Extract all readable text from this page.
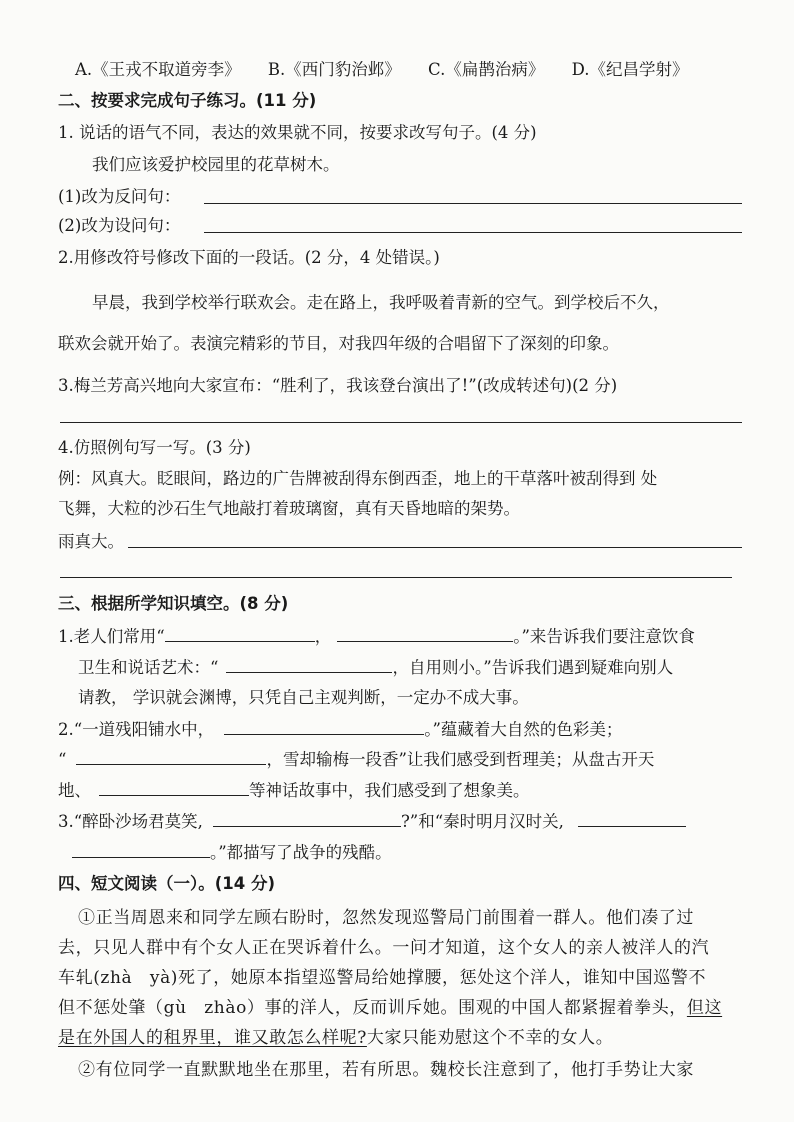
A.《王戎不取道旁李》 B.《西门豹治邺》 C.《扁鹊治病》 D.《纪昌学射》
二、按要求完成句子练习。(11 分)
1. 说话的语气不同，表达的效果就不同，按要求改写句子。(4 分)
我们应该爱护校园里的花草树木。
(1)改为反问句：
(2)改为设问句：
2.用修改符号修改下面的一段话。(2 分，4 处错误。)
早晨，我到学校举行联欢会。走在路上，我呼吸着青新的空气。到学校后不久，
联欢会就开始了。表演完精彩的节目，对我四年级的合唱留下了深刻的印象。
3.梅兰芳高兴地向大家宣布：“胜利了，我该登台演出了!”(改成转述句)(2 分)
4.仿照例句写一写。(3 分)
例：风真大。眨眼间，路边的广告牌被刮得东倒西歪，地上的干草落叶被刮得到 处
飞舞，大粒的沙石生气地敲打着玻璃窗，真有天昏地暗的架势。
雨真大。
三、根据所学知识填空。(8 分)
1.老人们常用“	，	。”来告诉我们要注意饮食
卫生和说话艺术：“	，自用则小。”告诉我们遇到疑难向别人
请教， 学识就会渊博，只凭自己主观判断，一定办不成大事。
2.“一道残阳铺水中，	。”蕴藏着大自然的色彩美；
“	，雪却输梅一段香”让我们感受到哲理美；从盘古开天
地、	等神话故事中，我们感受到了想象美。
3.“醉卧沙场君莫笑,	?”和“秦时明月汉时关,
。”都描写了战争的残酷。
四、短文阅读（一）。(14 分)
①正当周恩来和同学左顾右盼时，忽然发现巡警局门前围着一群人。他们凑了过
去，只见人群中有个女人正在哭诉着什么。一问才知道，这个女人的亲人被洋人的汽
车轧(zhà　yà)死了，她原本指望巡警局给她撑腰，惩处这个洋人，谁知中国巡警不
但不惩处肇（gù　zhào）事的洋人，反而训斥她。围观的中国人都紧握着拳头，但这
是在外国人的租界里，谁又敢怎么样呢?大家只能劝慰这个不幸的女人。
②有位同学一直默默地坐在那里，若有所思。魏校长注意到了，他打手势让大家
